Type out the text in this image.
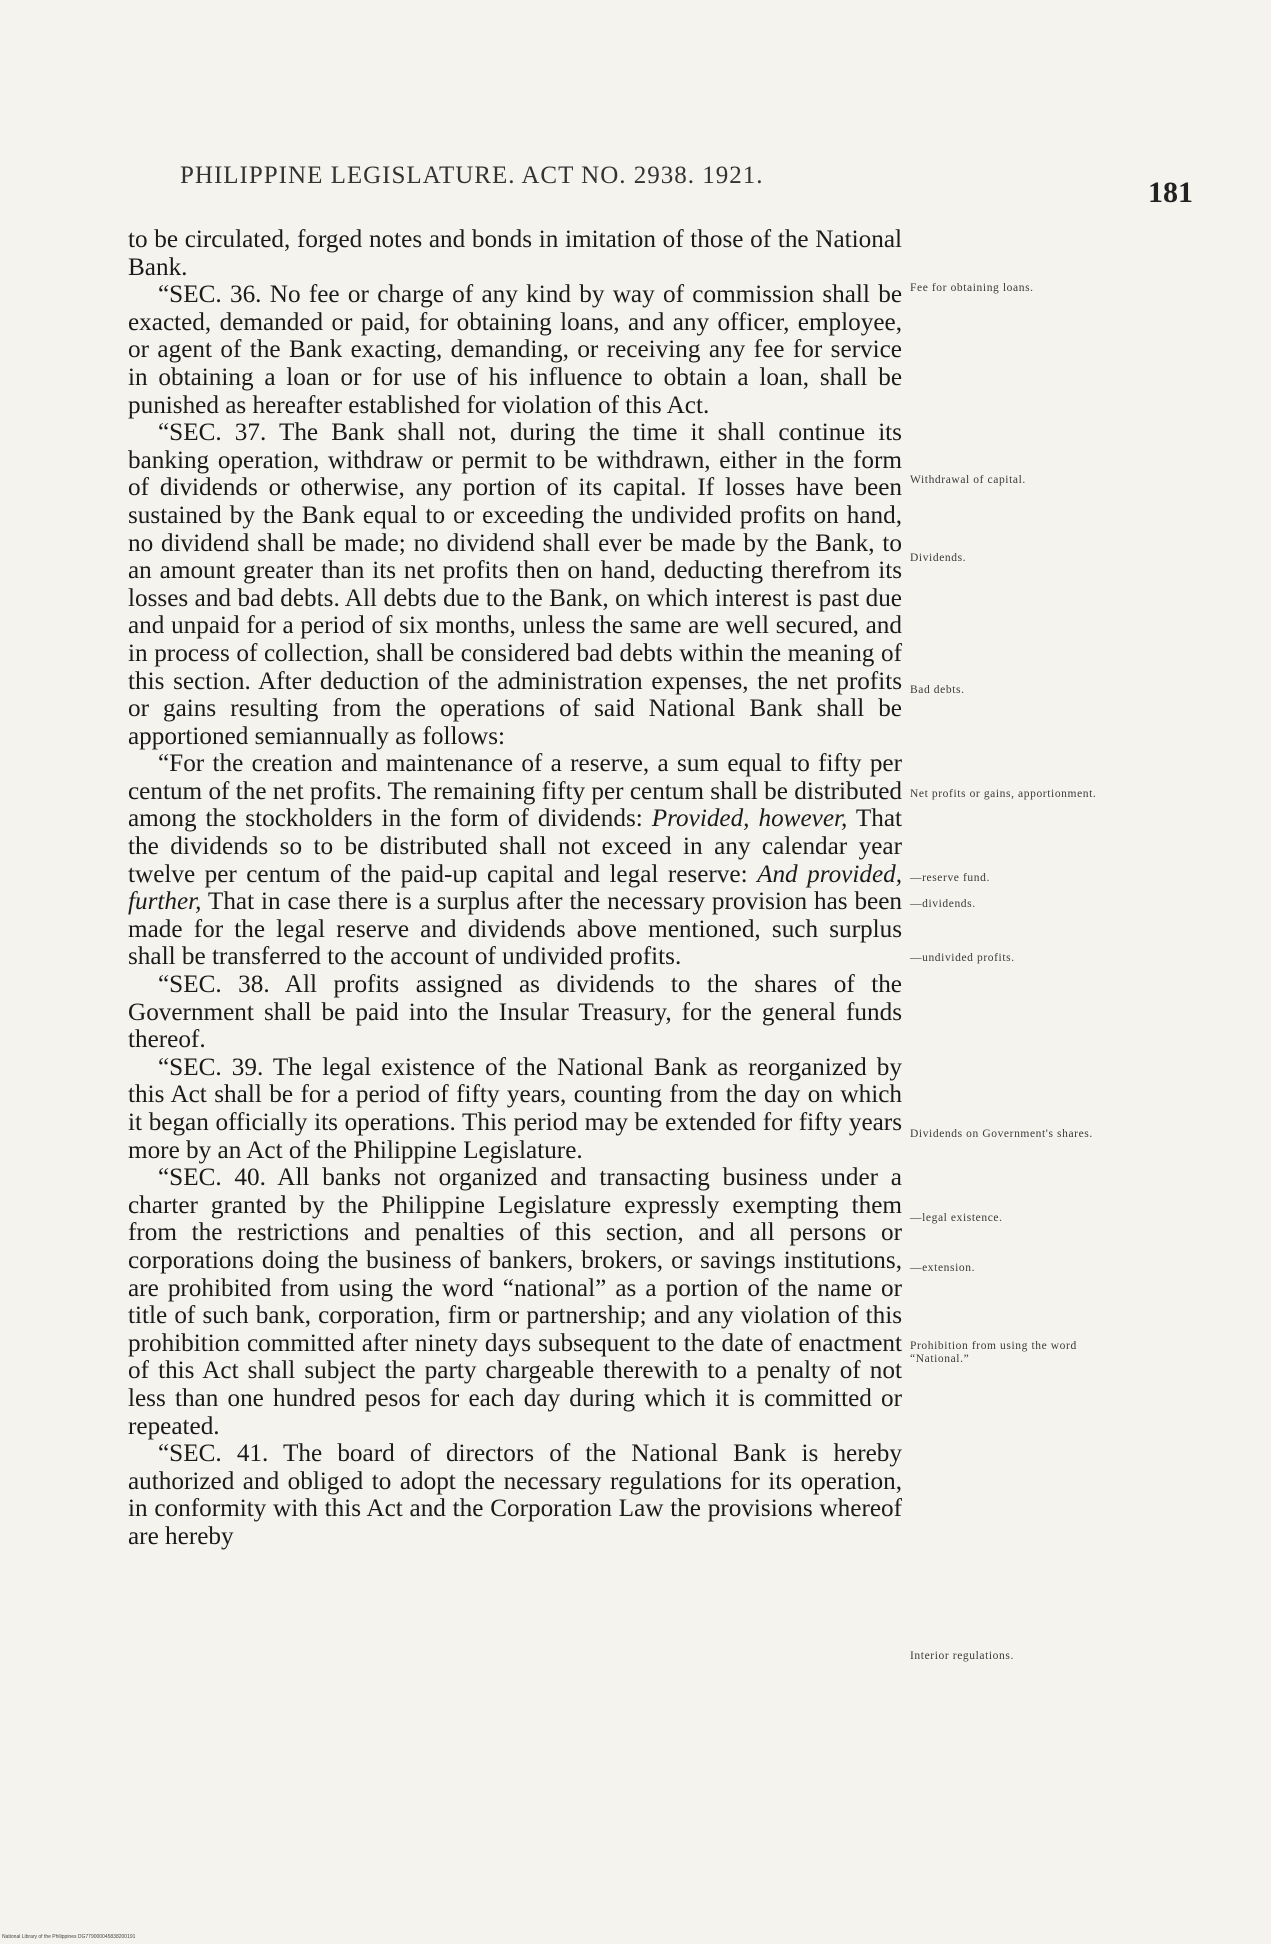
PHILIPPINE LEGISLATURE. ACT NO. 2938. 1921.
181

to be circulated, forged notes and bonds in imitation of those of the National Bank.

“SEC. 36. No fee or charge of any kind by way of commission shall be exacted, demanded or paid, for obtaining loans, and any officer, employee, or agent of the Bank exacting, demanding, or receiving any fee for service in obtaining a loan or for use of his influence to obtain a loan, shall be punished as hereafter established for violation of this Act.

“SEC. 37. The Bank shall not, during the time it shall continue its banking operation, withdraw or permit to be withdrawn, either in the form of dividends or otherwise, any portion of its capital. If losses have been sustained by the Bank equal to or exceeding the undivided profits on hand, no dividend shall be made; no dividend shall ever be made by the Bank, to an amount greater than its net profits then on hand, deducting therefrom its losses and bad debts. All debts due to the Bank, on which interest is past due and unpaid for a period of six months, unless the same are well secured, and in process of collection, shall be considered bad debts within the meaning of this section. After deduction of the administration expenses, the net profits or gains resulting from the operations of said National Bank shall be apportioned semiannually as follows:

“For the creation and maintenance of a reserve, a sum equal to fifty per centum of the net profits. The remaining fifty per centum shall be distributed among the stockholders in the form of dividends: Provided, however, That the dividends so to be distributed shall not exceed in any calendar year twelve per centum of the paid-up capital and legal reserve: And provided, further, That in case there is a surplus after the necessary provision has been made for the legal reserve and dividends above mentioned, such surplus shall be transferred to the account of undivided profits.

“SEC. 38. All profits assigned as dividends to the shares of the Government shall be paid into the Insular Treasury, for the general funds thereof.

“SEC. 39. The legal existence of the National Bank as reorganized by this Act shall be for a period of fifty years, counting from the day on which it began officially its operations. This period may be extended for fifty years more by an Act of the Philippine Legislature.

“SEC. 40. All banks not organized and transacting business under a charter granted by the Philippine Legislature expressly exempting them from the restrictions and penalties of this section, and all persons or corporations doing the business of bankers, brokers, or savings institutions, are prohibited from using the word “national” as a portion of the name or title of such bank, corporation, firm or partnership; and any violation of this prohibition committed after ninety days subsequent to the date of enactment of this Act shall subject the party chargeable therewith to a penalty of not less than one hundred pesos for each day during which it is committed or repeated.

“SEC. 41. The board of directors of the National Bank is hereby authorized and obliged to adopt the necessary regulations for its operation, in conformity with this Act and the Corporation Law the provisions whereof are hereby

Fee for obtaining loans.
Withdrawal of capital.
Dividends.
Bad debts.
Net profits or gains, apportionment.
—reserve fund.
—dividends.
—undivided profits.
Dividends on Government's shares.
—legal existence.
—extension.
Prohibition from using the word “National.”
Interior regulations.
National Library of the Philippines DG779000045838200191
